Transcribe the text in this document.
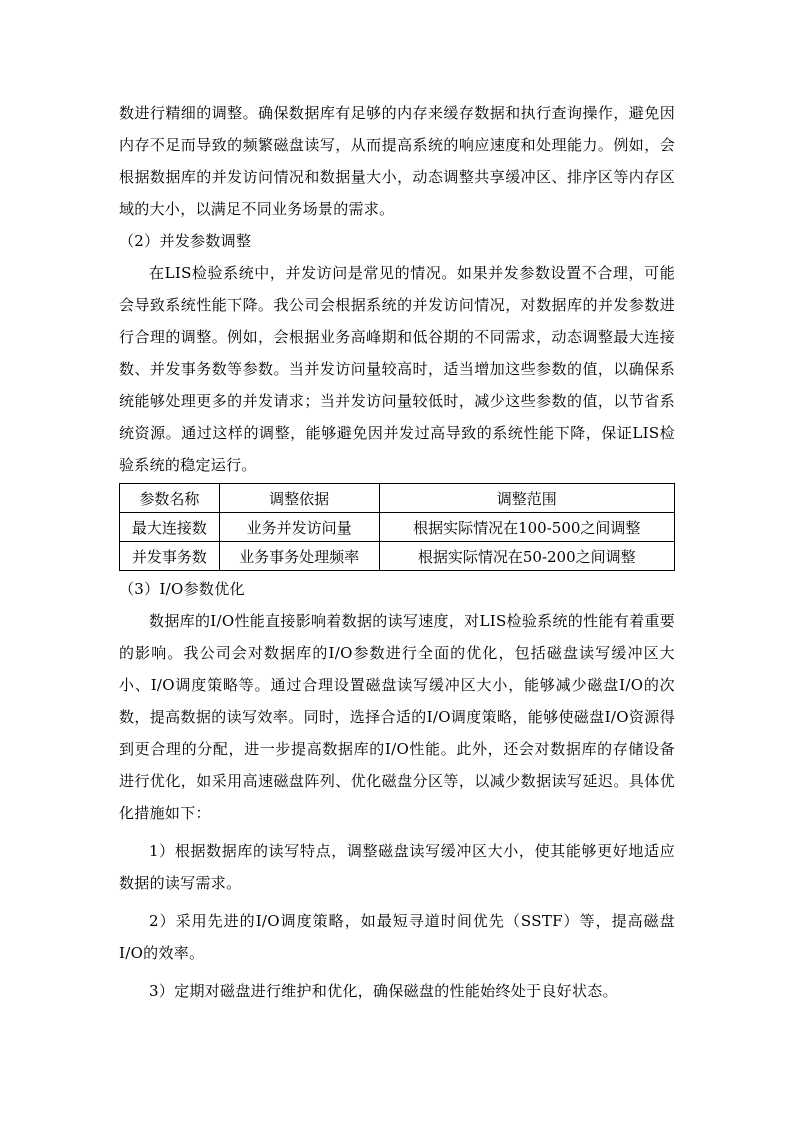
数进行精细的调整。确保数据库有足够的内存来缓存数据和执行查询操作，避免因内存不足而导致的频繁磁盘读写，从而提高系统的响应速度和处理能力。例如，会根据数据库的并发访问情况和数据量大小，动态调整共享缓冲区、排序区等内存区域的大小，以满足不同业务场景的需求。

（2）并发参数调整

在LIS检验系统中，并发访问是常见的情况。如果并发参数设置不合理，可能会导致系统性能下降。我公司会根据系统的并发访问情况，对数据库的并发参数进行合理的调整。例如，会根据业务高峰期和低谷期的不同需求，动态调整最大连接数、并发事务数等参数。当并发访问量较高时，适当增加这些参数的值，以确保系统能够处理更多的并发请求；当并发访问量较低时，减少这些参数的值，以节省系统资源。通过这样的调整，能够避免因并发过高导致的系统性能下降，保证LIS检验系统的稳定运行。

参数名称	调整依据	调整范围
最大连接数	业务并发访问量	根据实际情况在100-500之间调整
并发事务数	业务事务处理频率	根据实际情况在50-200之间调整

（3）I/O参数优化

数据库的I/O性能直接影响着数据的读写速度，对LIS检验系统的性能有着重要的影响。我公司会对数据库的I/O参数进行全面的优化，包括磁盘读写缓冲区大小、I/O调度策略等。通过合理设置磁盘读写缓冲区大小，能够减少磁盘I/O的次数，提高数据的读写效率。同时，选择合适的I/O调度策略，能够使磁盘I/O资源得到更合理的分配，进一步提高数据库的I/O性能。此外，还会对数据库的存储设备进行优化，如采用高速磁盘阵列、优化磁盘分区等，以减少数据读写延迟。具体优化措施如下：

1）根据数据库的读写特点，调整磁盘读写缓冲区大小，使其能够更好地适应数据的读写需求。

2）采用先进的I/O调度策略，如最短寻道时间优先（SSTF）等，提高磁盘I/O的效率。

3）定期对磁盘进行维护和优化，确保磁盘的性能始终处于良好状态。
